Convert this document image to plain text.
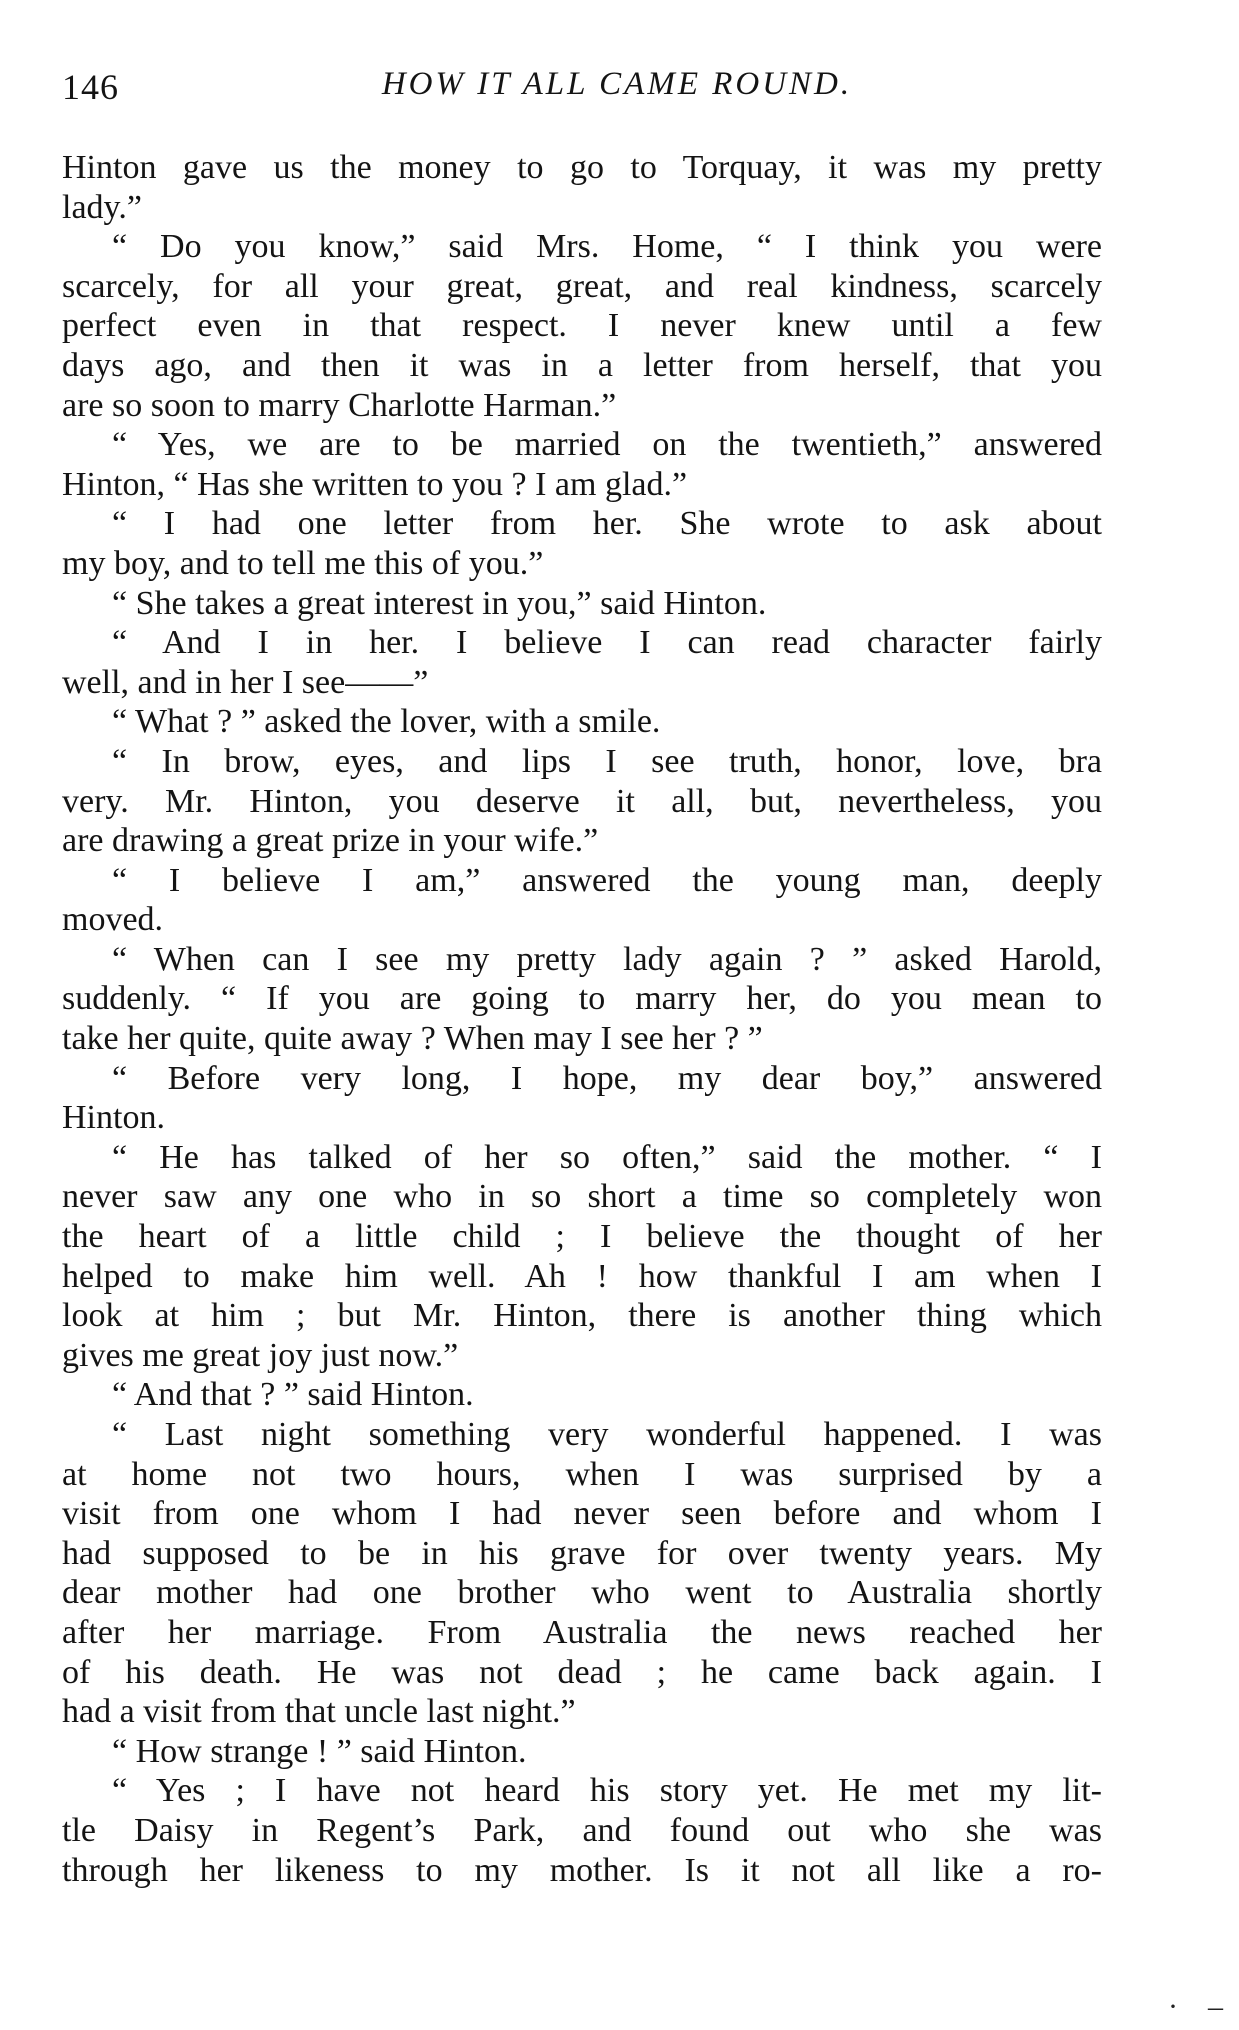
146	HOW IT ALL CAME ROUND.
Hinton gave us the money to go to Torquay, it was my pretty
lady.”
“ Do you know,” said Mrs. Home, “ I think you were
scarcely, for all your great, great, and real kindness, scarcely
perfect even in that respect. I never knew until a few
days ago, and then it was in a letter from herself, that you
are so soon to marry Charlotte Harman.”
“ Yes, we are to be married on the twentieth,” answered
Hinton, “ Has she written to you ? I am glad.”
“ I had one letter from her. She wrote to ask about
my boy, and to tell me this of you.”
“ She takes a great interest in you,” said Hinton.
“ And I in her. I believe I can read character fairly
well, and in her I see——”
“ What ? ” asked the lover, with a smile.
“ In brow, eyes, and lips I see truth, honor, love, bra
very. Mr. Hinton, you deserve it all, but, nevertheless, you
are drawing a great prize in your wife.”
“ I believe I am,” answered the young man, deeply
moved.
“ When can I see my pretty lady again ? ” asked Harold,
suddenly. “ If you are going to marry her, do you mean to
take her quite, quite away ? When may I see her ? ”
“ Before very long, I hope, my dear boy,” answered
Hinton.
“ He has talked of her so often,” said the mother. “ I
never saw any one who in so short a time so completely won
the heart of a little child ; I believe the thought of her
helped to make him well. Ah ! how thankful I am when I
look at him ; but Mr. Hinton, there is another thing which
gives me great joy just now.”
“ And that ? ” said Hinton.
“ Last night something very wonderful happened. I was
at home not two hours, when I was surprised by a
visit from one whom I had never seen before and whom I
had supposed to be in his grave for over twenty years. My
dear mother had one brother who went to Australia shortly
after her marriage. From Australia the news reached her
of his death. He was not dead ; he came back again. I
had a visit from that uncle last night.”
“ How strange ! ” said Hinton.
“ Yes ; I have not heard his story yet. He met my lit-
tle Daisy in Regent’s Park, and found out who she was
through her likeness to my mother. Is it not all like a ro-
· –
